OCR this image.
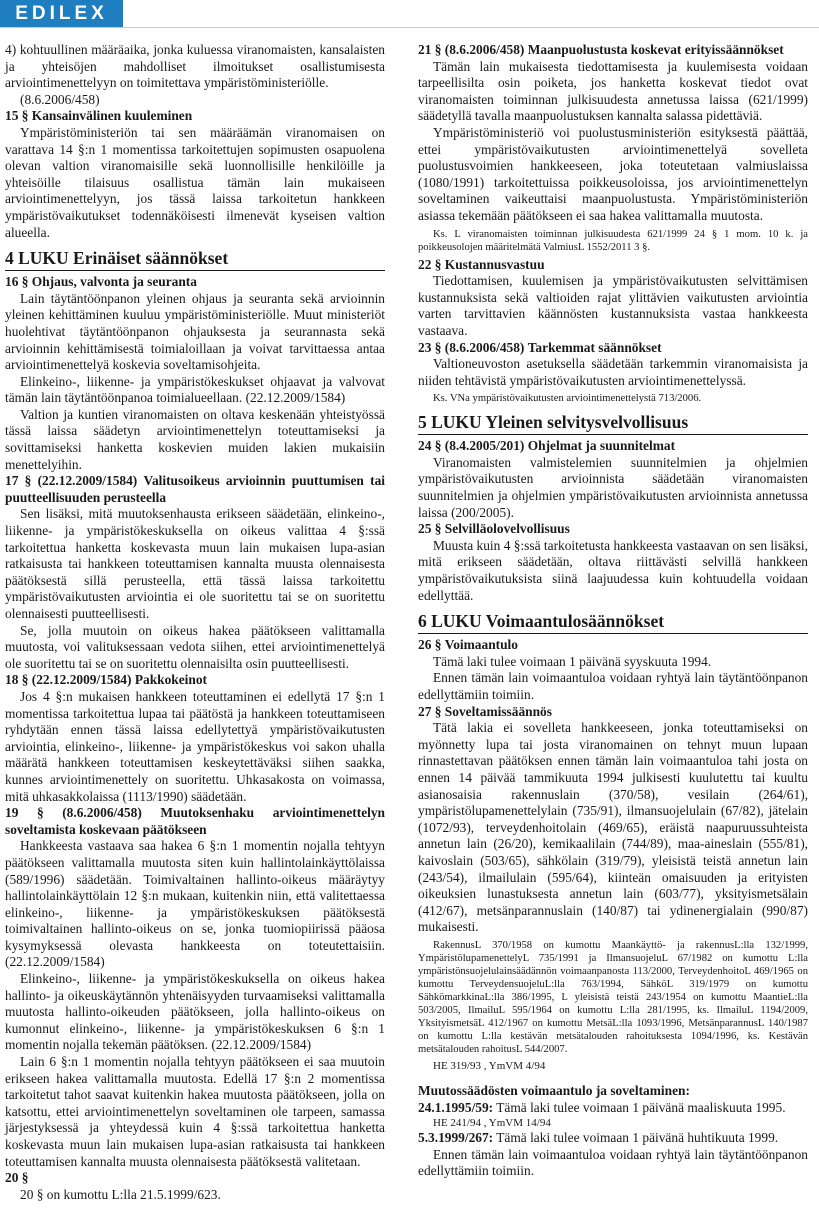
EDILEX

4) kohtuullinen määräaika, jonka kuluessa viranomaisten, kansalaisten ja yhteisöjen mahdolliset ilmoitukset osallistumisesta arviointimenettelyyn on toimitettava ympäristöministeriölle.

(8.6.2006/458)

15 § Kansainvälinen kuuleminen

Ympäristöministeriön tai sen määräämän viranomaisen on varattava 14 §:n 1 momentissa tarkoitettujen sopimusten osapuolena olevan valtion viranomaisille sekä luonnollisille henkilöille ja yhteisöille tilaisuus osallistua tämän lain mukaiseen arviointimenettelyyn, jos tässä laissa tarkoitetun hankkeen ympäristövaikutukset todennäköisesti ilmenevät kyseisen valtion alueella.

4 LUKU Erinäiset säännökset

16 § Ohjaus, valvonta ja seuranta

Lain täytäntöönpanon yleinen ohjaus ja seuranta sekä arvioinnin yleinen kehittäminen kuuluu ympäristöministeriölle. Muut ministeriöt huolehtivat täytäntöönpanon ohjauksesta ja seurannasta sekä arvioinnin kehittämisestä toimialoillaan ja voivat tarvittaessa antaa arviointimenettelyä koskevia soveltamisohjeita.

Elinkeino-, liikenne- ja ympäristökeskukset ohjaavat ja valvovat tämän lain täytäntöönpanoa toimialueellaan. (22.12.2009/1584)

Valtion ja kuntien viranomaisten on oltava keskenään yhteistyössä tässä laissa säädetyn arviointimenettelyn toteuttamiseksi ja sovittamiseksi hanketta koskevien muiden lakien mukaisiin menettelyihin.

17 § (22.12.2009/1584) Valitusoikeus arvioinnin puuttumisen tai puutteellisuuden perusteella

Sen lisäksi, mitä muutoksenhausta erikseen säädetään, elinkeino-, liikenne- ja ympäristökeskuksella on oikeus valittaa 4 §:ssä tarkoitettua hanketta koskevasta muun lain mukaisen lupa-asian ratkaisusta tai hankkeen toteuttamisen kannalta muusta olennaisesta päätöksestä sillä perusteella, että tässä laissa tarkoitettu ympäristövaikutusten arviointia ei ole suoritettu tai se on suoritettu olennaisesti puutteellisesti.

Se, jolla muutoin on oikeus hakea päätökseen valittamalla muutosta, voi valituksessaan vedota siihen, ettei arviointimenettelyä ole suoritettu tai se on suoritettu olennaisilta osin puutteellisesti.

18 § (22.12.2009/1584) Pakkokeinot

Jos 4 §:n mukaisen hankkeen toteuttaminen ei edellytä 17 §:n 1 momentissa tarkoitettua lupaa tai päätöstä ja hankkeen toteuttamiseen ryhdytään ennen tässä laissa edellytettyä ympäristövaikutusten arviointia, elinkeino-, liikenne- ja ympäristökeskus voi sakon uhalla määrätä hankkeen toteuttamisen keskeytettäväksi siihen saakka, kunnes arviointimenettely on suoritettu. Uhkasakosta on voimassa, mitä uhkasakkolaissa (1113/1990) säädetään.

19 § (8.6.2006/458) Muutoksenhaku arviointimenettelyn soveltamista koskevaan päätökseen

Hankkeesta vastaava saa hakea 6 §:n 1 momentin nojalla tehtyyn päätökseen valittamalla muutosta siten kuin hallintolainkäyttölaissa (589/1996) säädetään. Toimivaltainen hallinto-oikeus määräytyy hallintolainkäyttölain 12 §:n mukaan, kuitenkin niin, että valitettaessa elinkeino-, liikenne- ja ympäristökeskuksen päätöksestä toimivaltainen hallinto-oikeus on se, jonka tuomiopiirissä pääosa kysymyksessä olevasta hankkeesta on toteutettaisiin. (22.12.2009/1584)

Elinkeino-, liikenne- ja ympäristökeskuksella on oikeus hakea hallinto- ja oikeuskäytännön yhtenäisyyden turvaamiseksi valittamalla muutosta hallinto-oikeuden päätökseen, jolla hallinto-oikeus on kumonnut elinkeino-, liikenne- ja ympäristökeskuksen 6 §:n 1 momentin nojalla tekemän päätöksen. (22.12.2009/1584)

Lain 6 §:n 1 momentin nojalla tehtyyn päätökseen ei saa muutoin erikseen hakea valittamalla muutosta. Edellä 17 §:n 2 momentissa tarkoitetut tahot saavat kuitenkin hakea muutosta päätökseen, jolla on katsottu, ettei arviointimenettelyn soveltaminen ole tarpeen, samassa järjestyksessä ja yhteydessä kuin 4 §:ssä tarkoitettua hanketta koskevasta muun lain mukaisen lupa-asian ratkaisusta tai hankkeen toteuttamisen kannalta muusta olennaisesta päätöksestä valitetaan.

20 §

20 § on kumottu L:lla 21.5.1999/623.

21 § (8.6.2006/458) Maanpuolustusta koskevat erityissäännökset

Tämän lain mukaisesta tiedottamisesta ja kuulemisesta voidaan tarpeellisilta osin poiketa, jos hanketta koskevat tiedot ovat viranomaisten toiminnan julkisuudesta annetussa laissa (621/1999) säädetyllä tavalla maanpuolustuksen kannalta salassa pidettäviä.

Ympäristöministeriö voi puolustusministeriön esityksestä päättää, ettei ympäristövaikutusten arviointimenettelyä sovelleta puolustusvoimien hankkeeseen, joka toteutetaan valmiuslaissa (1080/1991) tarkoitettuissa poikkeusoloissa, jos arviointimenettelyn soveltaminen vaikeuttaisi maanpuolustusta. Ympäristöministeriön asiassa tekemään päätökseen ei saa hakea valittamalla muutosta.

Ks. L viranomaisten toiminnan julkisuudesta 621/1999 24 § 1 mom. 10 k. ja poikkeusolojen määritelmätä ValmiusL 1552/2011 3 §.

22 § Kustannusvastuu

Tiedottamisen, kuulemisen ja ympäristövaikutusten selvittämisen kustannuksista sekä valtioiden rajat ylittävien vaikutusten arviointia varten tarvittavien käännösten kustannuksista vastaa hankkeesta vastaava.

23 § (8.6.2006/458) Tarkemmat säännökset

Valtioneuvoston asetuksella säädetään tarkemmin viranomaisista ja niiden tehtävistä ympäristövaikutusten arviointimenettelyssä.

Ks. VNa ympäristövaikutusten arviointimenettelystä 713/2006.

5 LUKU Yleinen selvitysvelvollisuus

24 § (8.4.2005/201) Ohjelmat ja suunnitelmat

Viranomaisten valmistelemien suunnitelmien ja ohjelmien ympäristövaikutusten arvioinnista säädetään viranomaisten suunnitelmien ja ohjelmien ympäristövaikutusten arvioinnista annetussa laissa (200/2005).

25 § Selvilläolovelvollisuus

Muusta kuin 4 §:ssä tarkoitetusta hankkeesta vastaavan on sen lisäksi, mitä erikseen säädetään, oltava riittävästi selvillä hankkeen ympäristövaikutuksista siinä laajuudessa kuin kohtuudella voidaan edellyttää.

6 LUKU Voimaantulosäännökset

26 § Voimaantulo

Tämä laki tulee voimaan 1 päivänä syyskuuta 1994.

Ennen tämän lain voimaantuloa voidaan ryhtyä lain täytäntöönpanon edellyttämiin toimiin.

27 § Soveltamissäännös

Tätä lakia ei sovelleta hankkeeseen, jonka toteuttamiseksi on myönnetty lupa tai josta viranomainen on tehnyt muun lupaan rinnastettavan päätöksen ennen tämän lain voimaantuloa tahi josta on ennen 14 päivää tammikuuta 1994 julkisesti kuulutettu tai kuultu asianosaisia rakennuslain (370/58), vesilain (264/61), ympäristölupamenettelylain (735/91), ilmansuojelulain (67/82), jätelain (1072/93), terveydenhoitolain (469/65), eräistä naapuruussuhteista annetun lain (26/20), kemikaalilain (744/89), maa-aineslain (555/81), kaivoslain (503/65), sähkölain (319/79), yleisistä teistä annetun lain (243/54), ilmailulain (595/64), kiinteän omaisuuden ja erityisten oikeuksien lunastuksesta annetun lain (603/77), yksityismetsälain (412/67), metsänparannuslain (140/87) tai ydinenergialain (990/87) mukaisesti.

RakennusL 370/1958 on kumottu Maankäyttö- ja rakennusL:lla 132/1999, YmpäristölupamenettelyL 735/1991 ja IlmansuojeluL 67/1982 on kumottu L:lla ympäristönsuojelulainsäädännön voimaanpanosta 113/2000, TerveydenhoitoL 469/1965 on kumottu TerveydensuojeluL:lla 763/1994, SähköL 319/1979 on kumottu SähkömarkkinaL:lla 386/1995, L yleisistä teistä 243/1954 on kumottu MaantieL:lla 503/2005, IlmailuL 595/1964 on kumottu L:lla 281/1995, ks. IlmailuL 1194/2009, YksityismetsäL 412/1967 on kumottu MetsäL:lla 1093/1996, MetsänparannusL 140/1987 on kumottu L:lla kestävän metsätalouden rahoituksesta 1094/1996, ks. Kestävän metsätalouden rahoitusL 544/2007.

HE 319/93 , YmVM 4/94

Muutossäädösten voimaantulo ja soveltaminen:

24.1.1995/59: Tämä laki tulee voimaan 1 päivänä maaliskuuta 1995.

HE 241/94 , YmVM 14/94

5.3.1999/267: Tämä laki tulee voimaan 1 päivänä huhtikuuta 1999.

Ennen tämän lain voimaantuloa voidaan ryhtyä lain täytäntöönpanon edellyttämiin toimiin.
